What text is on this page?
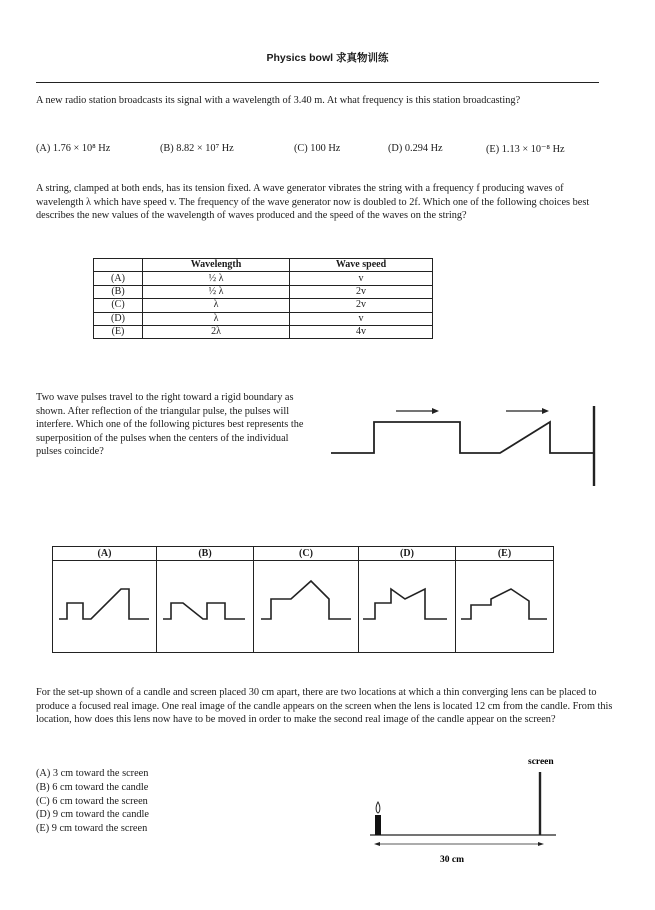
Physics bowl 求真物训练
A new radio station broadcasts its signal with a wavelength of 3.40 m. At what frequency is this station broadcasting?
(A) 1.76 × 10⁸ Hz	(B) 8.82 × 10⁷ Hz	(C) 100 Hz	(D) 0.294 Hz	(E) 1.13 × 10⁻⁸ Hz
A string, clamped at both ends, has its tension fixed. A wave generator vibrates the string with a frequency f producing waves of wavelength λ which have speed v. The frequency of the wave generator now is doubled to 2f. Which one of the following choices best describes the new values of the wavelength of waves produced and the speed of the waves on the string?
	Wavelength	Wave speed
(A)	½ λ	v
(B)	½ λ	2v
(C)	λ	2v
(D)	λ	v
(E)	2λ	4v
Two wave pulses travel to the right toward a rigid boundary as shown. After reflection of the triangular pulse, the pulses will interfere. Which one of the following pictures best represents the superposition of the pulses when the centers of the individual pulses coincide?
(A)	(B)	(C)	(D)	(E)
For the set-up shown of a candle and screen placed 30 cm apart, there are two locations at which a thin converging lens can be placed to produce a focused real image. One real image of the candle appears on the screen when the lens is located 12 cm from the candle. From this location, how does this lens now have to be moved in order to make the second real image of the candle appear on the screen?
(A) 3 cm toward the screen
(B) 6 cm toward the candle
(C) 6 cm toward the screen
(D) 9 cm toward the candle
(E) 9 cm toward the screen
screen
30 cm
